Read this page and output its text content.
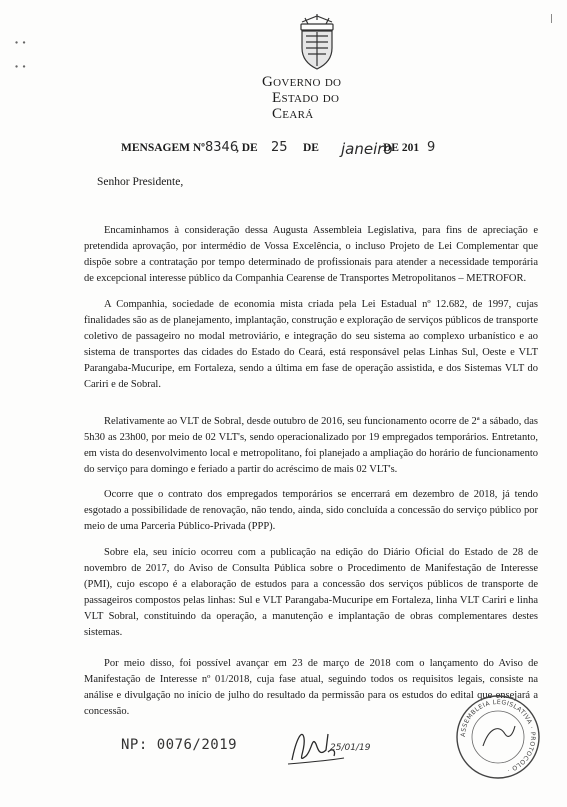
Governo do
Estado do Ceará
|
∙ ∙
∙ ∙
MENSAGEM Nº 8346
, DE 25 DE janeiro
DE 201 9
Senhor Presidente,

Encaminhamos à consideração dessa Augusta Assembleia Legislativa, para fins de apreciação e pretendida aprovação, por intermédio de Vossa Excelência, o incluso Projeto de Lei Complementar que dispõe sobre a contratação por tempo determinado de profissionais para atender a necessidade temporária de excepcional interesse público da Companhia Cearense de Transportes Metropolitanos – METROFOR.

A Companhia, sociedade de economia mista criada pela Lei Estadual nº 12.682, de 1997, cujas finalidades são as de planejamento, implantação, construção e exploração de serviços públicos de transporte coletivo de passageiro no modal metroviário, e integração do seu sistema ao complexo urbanístico e ao sistema de transportes das cidades do Estado do Ceará, está responsável pelas Linhas Sul, Oeste e VLT Parangaba-Mucuripe, em Fortaleza, sendo a última em fase de operação assistida, e dos Sistemas VLT do Cariri e de Sobral.

Relativamente ao VLT de Sobral, desde outubro de 2016, seu funcionamento ocorre de 2ª a sábado, das 5h30 as 23h00, por meio de 02 VLT's, sendo operacionalizado por 19 empregados temporários. Entretanto, em vista do desenvolvimento local e metropolitano, foi planejado a ampliação do horário de funcionamento do serviço para domingo e feriado a partir do acréscimo de mais 02 VLT's.

Ocorre que o contrato dos empregados temporários se encerrará em dezembro de 2018, já tendo esgotado a possibilidade de renovação, não tendo, ainda, sido concluída a concessão do serviço público por meio de uma Parceria Público-Privada (PPP).

Sobre ela, seu início ocorreu com a publicação na edição do Diário Oficial do Estado de 28 de novembro de 2017, do Aviso de Consulta Pública sobre o Procedimento de Manifestação de Interesse (PMI), cujo escopo é a elaboração de estudos para a concessão dos serviços públicos de transporte de passageiros compostos pelas linhas: Sul e VLT Parangaba-Mucuripe em Fortaleza, linha VLT Cariri e linha VLT Sobral, constituindo da operação, a manutenção e implantação de obras complementares destes sistemas.

Por meio disso, foi possível avançar em 23 de março de 2018 com o lançamento do Aviso de Manifestação de Interesse nº 01/2018, cuja fase atual, seguindo todos os requisitos legais, consiste na análise e divulgação no início de julho do resultado da permissão para os estudos do edital que ensejará a concessão.

NP: 0076/2019	25/01/19
ASSEMBLEIA LEGISLATIVA · PROTOCOLO ·
